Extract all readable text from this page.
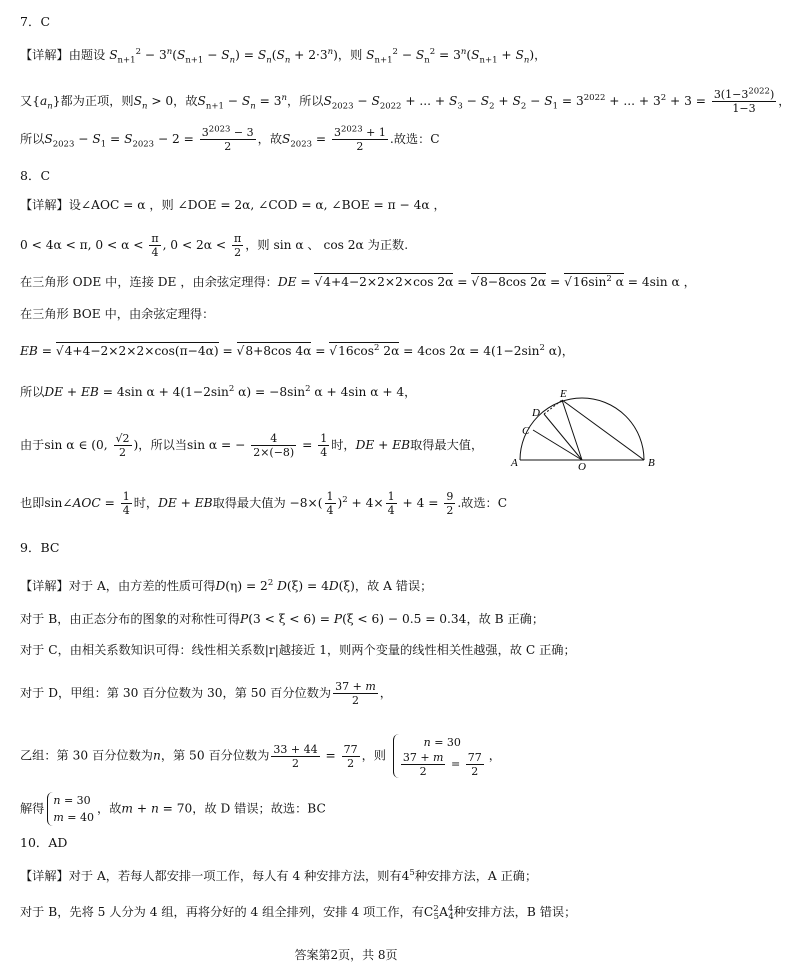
7．C
【详解】由题设 $S_{n+1}^2 - 3^n(S_{n+1} - S_n) = S_n(S_n + 2\cdot 3^n)$，则 $S_{n+1}^2 - S_n^2 = 3^n(S_{n+1} + S_n)$，
又$\{a_n\}$都为正项，则$S_n > 0$，故$S_{n+1} - S_n = 3^n$，所以$S_{2023} - S_{2022}$ + ... + $S_3 - S_2 + S_2 - S_1 = 3^{2022}$ + ... + $3^2 + 3 = \frac{3(1-3^{2022})}{1-3}$ ，
所以$S_{2023} - S_1 = S_{2023} - 2 = \frac{3^{2023} - 3}{2}$ ，故$S_{2023} = \frac{3^{2023} + 1}{2}$ .故选：C
8．C
【详解】设∠AOC = α ，则 ∠DOE = 2α, ∠COD = α, ∠BOE = π − 4α ，
0 < 4α < π, $0 < \alpha < \frac{\pi}{4}$ , $0 < 2\alpha < \frac{\pi}{2}$ ，则 sin α 、 cos 2α 为正数.
在三角形 ODE 中，连接 DE ，由余弦定理得：DE = √ 4+4−2×2×2×cos 2α = √ 8−8cos 2α = √ $16\sin^2$ α = 4sin α ，
在三角形 BOE 中，由余弦定理得：
EB = √ 4+4−2×2×2×cos(π−4α) = √ 8+8cos 4α = √ $16\cos^2$ 2α = 4cos $2\alpha = 4(1-2\sin^2$ α)，
所以DE + EB = 4sin $\alpha + 4(1-2\sin^2$ $\alpha) = -8\sin^2$ α + 4sin α + 4，
由于sin α ∈ (0, $\frac{√2}{2}$ )，所以当sin α = − $\frac{4}{2\times(-8)} = \frac{1}{4}$ 时，DE + EB取得最大值，
A	B
C
D
E
O
也即sin∠AOC = $\frac{1}{4}$ 时，DE + EB取得最大值为 $-8\times( \frac{1}{4} )^2 + 4\times \frac{1}{4} + 4 = \frac{9}{2}$ .故选：C
9．BC
【详解】对于 A，由方差的性质可得$D(\eta) = 2^2$ D(ξ) = 4D(ξ)，故 A 错误；
对于 B，由正态分布的图象的对称性可得P(3 < ξ < 6) = P(ξ < 6) − 0.5 = 0.34，故 B 正确；
对于 C，由相关系数知识可得：线性相关系数|r|越接近 1，则两个变量的线性相关性越强，故 C 正确；
对于 D，甲组：第 30 百分位数为 30，第 50 百分位数为 $\frac{37 + m}{2}$ ，
乙组：第 30 百分位数为n，第 50 百分位数为 $\frac{33 + 44}{2} = \frac{77}{2}$ ，则
n = 30
$\frac{37 + m}{2} = \frac{77}{2}$ ，
解得
n = 30
m = 40
，故m + n = 70，故 D 错误；故选：BC
10．AD
【详解】对于 A，若每人都安排一项工作，每人有 4 种安排方法，则有$4^5$种安排方法，A 正确；
对于 B，先将 5 人分为 4 组，再将分好的 4 组全排列，安排 4 项工作，有$C^2_5A^4_4$种安排方法，B 错误；
答案第2页，共 8页
